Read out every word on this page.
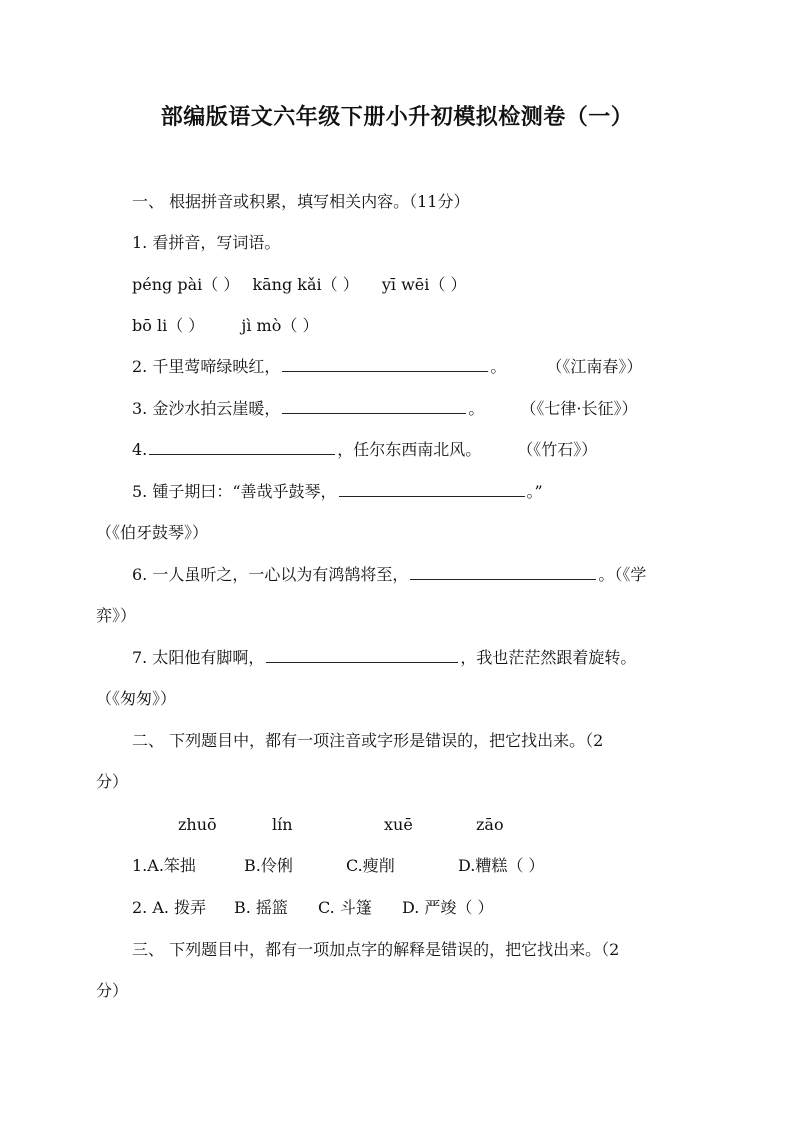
部编版语文六年级下册小升初模拟检测卷（一）
一、 根据拼音或积累，填写相关内容。（11分）
1. 看拼音，写词语。
péng pài（ ） kāng kǎi（ ） yī wēi（ ）
bō li（ ） jì mò（ ）
2. 千里莺啼绿映红，	。	（《江南春》）
3. 金沙水拍云崖暖，	。 （《七律·长征》）
4.	，任尔东西南北风。 （《竹石》）
5. 锺子期曰：“善哉乎鼓琴，	。”
（《伯牙鼓琴》）
6. 一人虽听之，一心以为有鸿鹄将至，	。（《学
弈》）
7. 太阳他有脚啊，	，我也茫茫然跟着旋转。
（《匆匆》）
二、 下列题目中，都有一项注音或字形是错误的，把它找出来。（2
分）
zhuō	lín	xuē	zāo
1.A.笨拙	B.伶俐	C.瘦削	D.糟糕（ ）
2. A. 拨弄 B. 摇篮 C. 斗篷 D. 严竣（ ）
三、 下列题目中，都有一项加点字的解释是错误的，把它找出来。（2
分）
